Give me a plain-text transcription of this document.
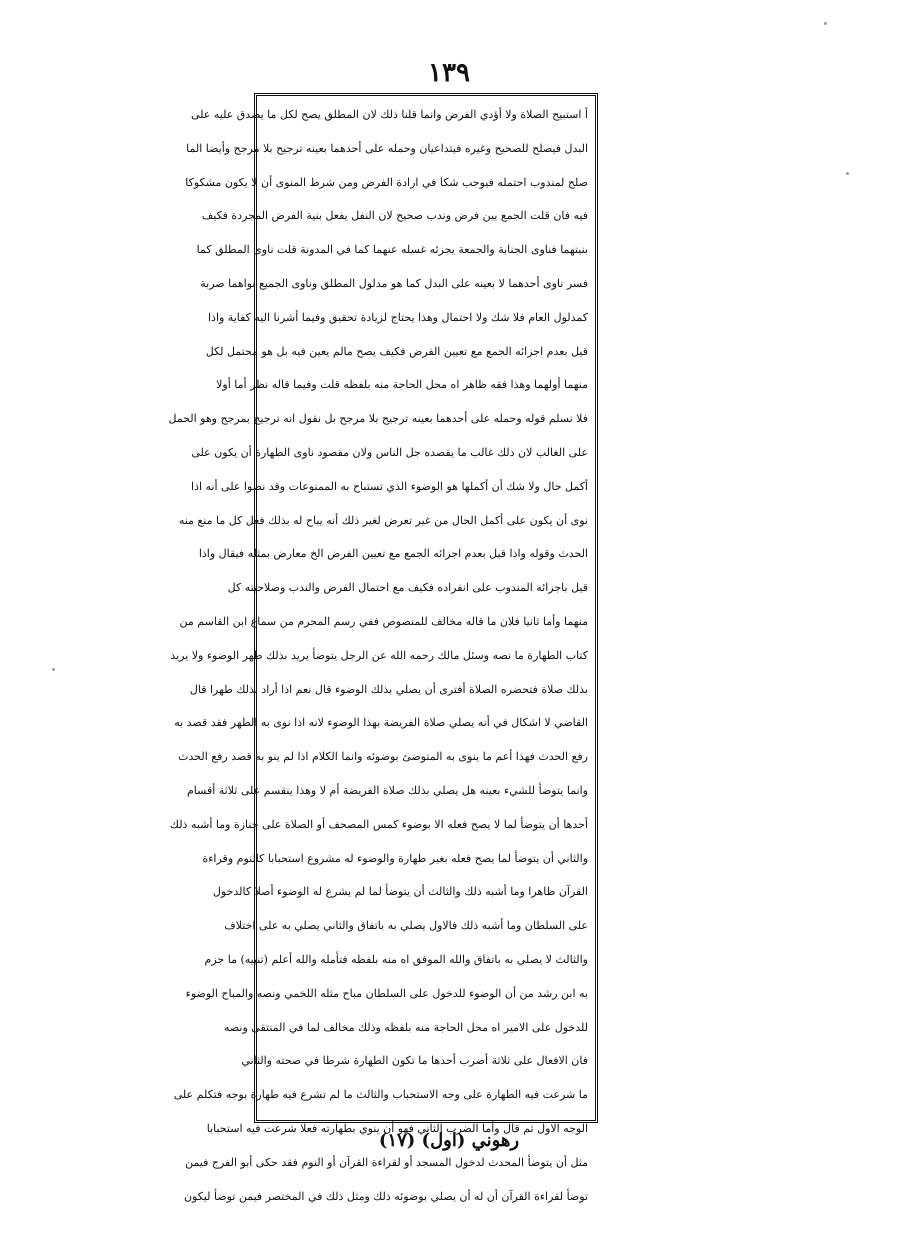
١٣٩
أ استبيح الصلاة ولا أؤدي الفرض وانما قلنا ذلك لان المطلق يصح لكل ما يصدق عليه على
البدل فيصلح للصحيح وغيره فيتداعيان وحمله على أحدهما بعينه ترجيح بلا مرجح وأيضا الما
صلح لمندوب احتمله فيوجب شكا في ارادة الفرض ومن شرط المنوى أن لا يكون مشكوكا
فيه فان قلت الجمع بين فرض وندب صحيح لان النفل يفعل بنية الفرض المجردة فكيف
بنيتهما فناوى الجنابة والجمعة يجزئه غسله عنهما كما في المدونة قلت ناوى المطلق كما
فسر ناوى أحدهما لا بعينه على البدل كما هو مدلول المطلق وناوى الجميع نواهما ضربة
كمدلول العام فلا شك ولا احتمال وهذا يحتاج لزيادة تحقيق وفيما أشرنا اليه كفاية واذا
قيل بعدم اجزائه الجمع مع تعيين الفرض فكيف يصح مالم يعين فيه بل هو محتمل لكل
منهما أولهما وهذا فقه ظاهر اه محل الحاجة منه بلفظه قلت وفيما قاله نظر أما أولا
فلا نسلم قوله وحمله على أحدهما بعينه ترجيح بلا مرجح بل نقول انه ترجيح بمرجح وهو الحمل
على الغالب لان ذلك غالب ما يقصده جل الناس ولان مقصود ناوى الطهارة أن يكون على
أكمل حال ولا شك أن أكملها هو الوضوء الذي تستباح به الممنوعات وقد نصوا على أنه اذا
نوى أن يكون على أكمل الحال من غير تعرض لغير ذلك أنه يباح له بذلك فعل كل ما منع منه
الحدث وقوله واذا قيل بعدم اجزائه الجمع مع تعيين الفرض الخ معارض بمثله فيقال واذا
قيل باجزائه المندوب على انفراده فكيف مع احتمال الفرض والندب وصلاحيته كل
منهما وأما ثانيا فلان ما قاله مخالف للمنصوص ففي رسم المحرم من سماع ابن القاسم من
كتاب الطهارة ما نصه وسئل مالك رحمه الله عن الرجل يتوضأ يريد بذلك طهر الوضوء ولا يريد
بذلك صلاة فتحضره الصلاة أفترى أن يصلي بذلك الوضوء قال نعم اذا أراد بذلك طهرا قال
القاضي لا اشكال في أنه يصلي صلاة الفريضة بهذا الوضوء لانه اذا نوى به الطهر فقد قصد به
رفع الحدث فهذا أعم ما ينوى به المتوضئ بوضوئه وانما الكلام اذا لم ينو به قصد رفع الحدث
وانما يتوضأ للشيء بعينه هل يصلي بذلك صلاة الفريضة أم لا وهذا ينقسم على ثلاثة أقسام
أحدها أن يتوضأ لما لا يصح فعله الا بوضوء كمس المصحف أو الصلاة على جنازة وما أشبه ذلك
والثاني أن يتوضأ لما يصح فعله بغير طهارة والوضوء له مشروع استحبابا كالنوم وقراءة
القرآن ظاهرا وما أشبه ذلك والثالث أن يتوضأ لما لم يشرع له الوضوء أصلا كالدخول
على السلطان وما أشبه ذلك فالاول يصلي به باتفاق والثاني يصلي به على اختلاف
والثالث لا يصلي به باتفاق والله الموفق اه منه بلفظه فتأمله والله أعلم (تنبيه) ما جزم
به ابن رشد من أن الوضوء للدخول على السلطان مباح مثله اللخمي ونصه والمباح الوضوء
للدخول على الامير اه محل الحاجة منه بلفظه وذلك مخالف لما في المنتقى ونصه
فان الافعال على ثلاثة أضرب أحدها ما تكون الطهارة شرطا في صحته والثاني
ما شرعت فيه الطهارة على وجه الاستحباب والثالث ما لم تشرع فيه طهارة بوجه فتكلم على
الوجه الاول ثم قال وأما الضرب الثاني فهو أن ينوي بطهارته فعلا شرعت فيه استحبابا
مثل أن يتوضأ المحدث لدخول المسجد أو لقراءة القرآن أو النوم فقد حكى أبو الفرج فيمن
توضأ لقراءة القرآن أن له أن يصلي بوضوئه ذلك ومثل ذلك في المختصر فيمن توضأ ليكون
(١٧) رهوني (اول)
